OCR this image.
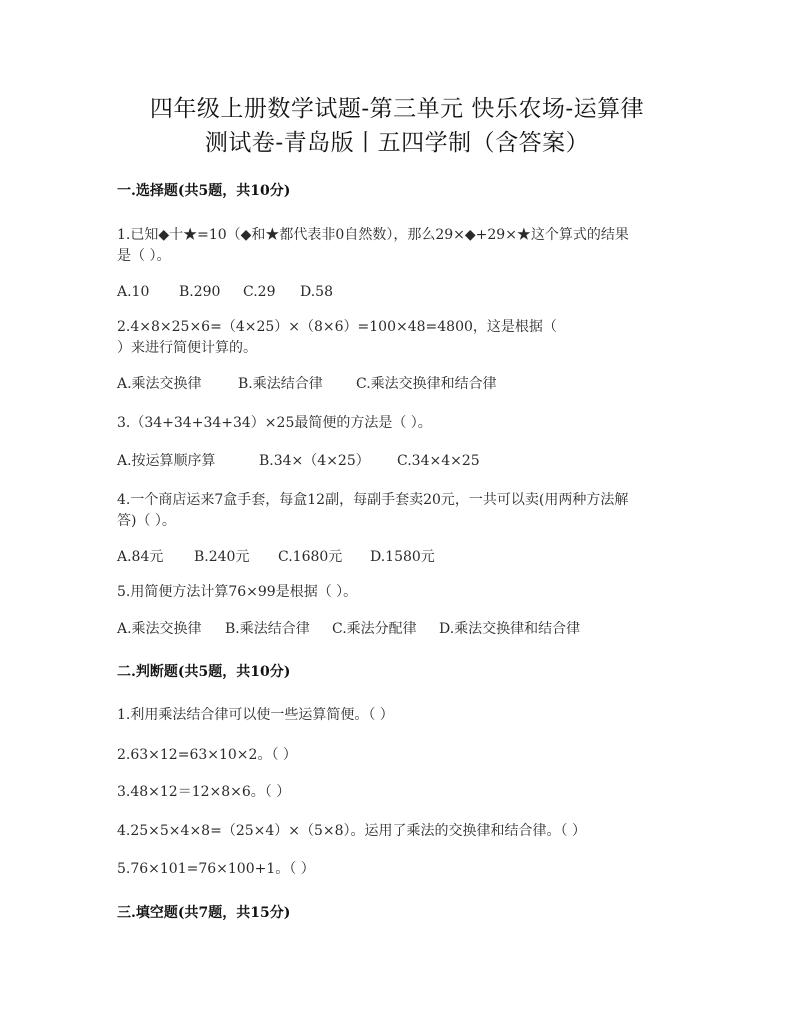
四年级上册数学试题-第三单元 快乐农场-运算律
测试卷-青岛版丨五四学制（含答案）
一.选择题(共5题，共10分)
1.已知◆十★=10（◆和★都代表非0自然数），那么29×◆+29×★这个算式的结果
是（ ）。
A.10 B.290 C.29 D.58
2.4×8×25×6=（4×25）×（8×6）=100×48=4800，这是根据（
）来进行简便计算的。
A.乘法交换律	B.乘法结合律 C.乘法交换律和结合律
3.（34+34+34+34）×25最简便的方法是（ ）。
A.按运算顺序算	B.34×（4×25） C.34×4×25
4.一个商店运来7盒手套，每盒12副，每副手套卖20元，一共可以卖(用两种方法解
答)（ ）。
A.84元 B.240元 C.1680元 D.1580元
5.用简便方法计算76×99是根据（ ）。
A.乘法交换律 B.乘法结合律 C.乘法分配律 D.乘法交换律和结合律
二.判断题(共5题，共10分)
1.利用乘法结合律可以使一些运算简便。（ ）
2.63×12=63×10×2。（ ）
3.48×12＝12×8×6。（ ）
4.25×5×4×8=（25×4）×（5×8）。运用了乘法的交换律和结合律。（ ）
5.76×101=76×100+1。（ ）
三.填空题(共7题，共15分)
